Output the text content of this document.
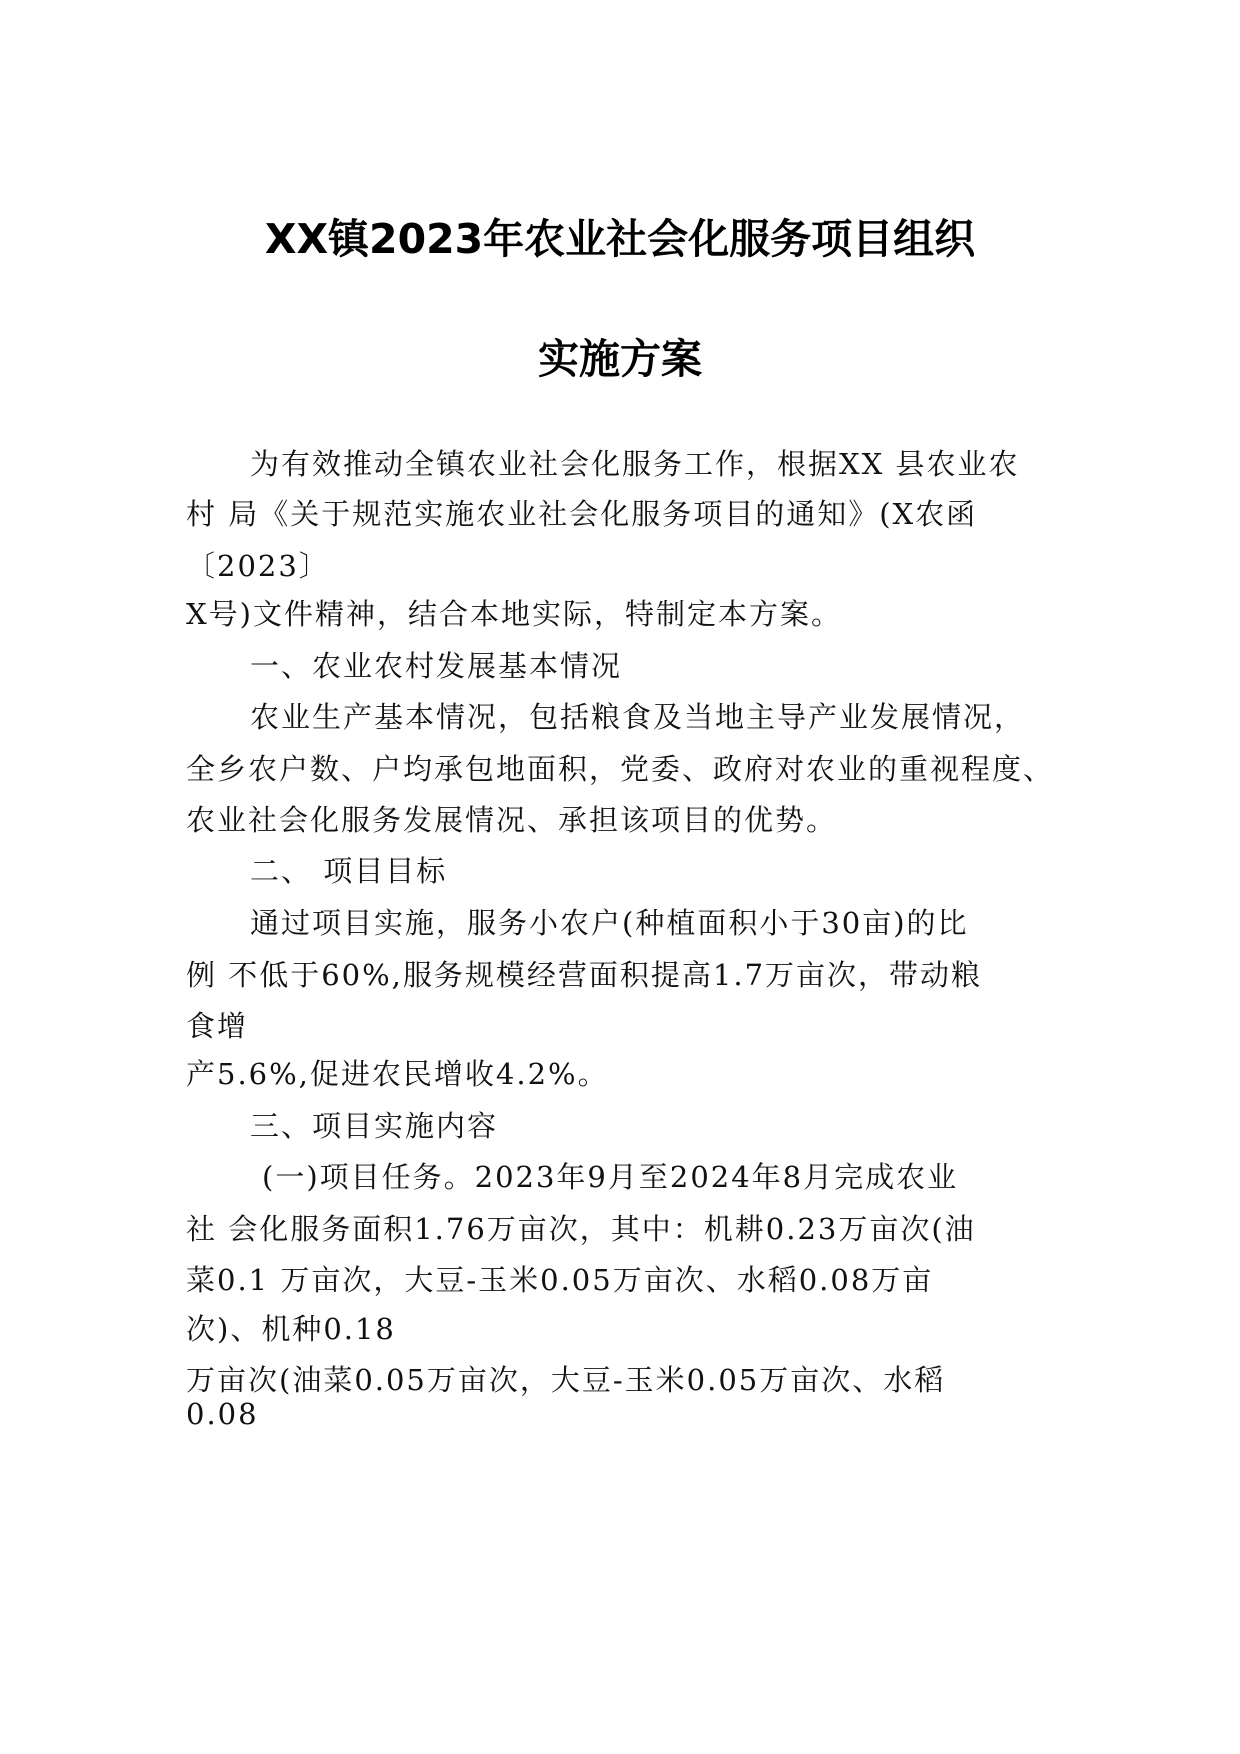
XX镇2023年农业社会化服务项目组织
实施方案
为有效推动全镇农业社会化服务工作，根据XX 县农业农
村 局《关于规范实施农业社会化服务项目的通知》(X农函
〔2023〕
X号)文件精神，结合本地实际，特制定本方案。
一、农业农村发展基本情况
农业生产基本情况，包括粮食及当地主导产业发展情况，
全乡农户数、户均承包地面积，党委、政府对农业的重视程度、
农业社会化服务发展情况、承担该项目的优势。
二、 项目目标
通过项目实施，服务小农户(种植面积小于30亩)的比
例 不低于60%,服务规模经营面积提高1.7万亩次，带动粮
食增
产5.6%,促进农民增收4.2%。
三、项目实施内容
(一)项目任务。2023年9月至2024年8月完成农业
社 会化服务面积1.76万亩次，其中：机耕0.23万亩次(油
菜0.1 万亩次，大豆-玉米0.05万亩次、水稻0.08万亩
次)、机种0.18
万亩次(油菜0.05万亩次，大豆-玉米0.05万亩次、水稻
0.08
